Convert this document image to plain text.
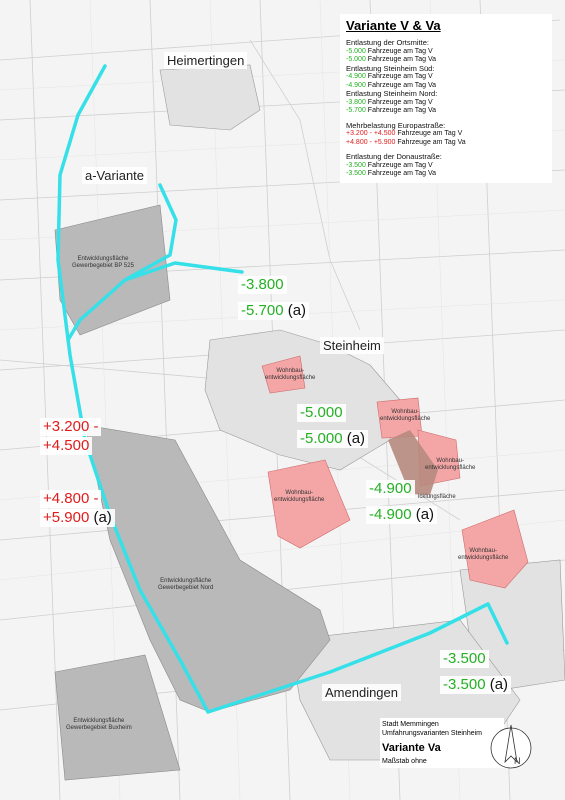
Heimertingen
a-Variante
Steinheim
Amendingen
Entwicklungsfläche
Gewerbegebiet BP 525
Entwicklungsfläche
Gewerbegebiet Nord
Entwicklungsfläche
Gewerbegebiet Buxheim
Wohnbau-
entwicklungsfläche
Wohnbau-
entwicklungsfläche
Wohnbau-
entwicklungsfläche
Wohnbau-
entwicklungsfläche
Wohnbau-
entwicklungsfläche
icklungsfläche
-3.800
-5.700 (a)
-5.000
-5.000 (a)
-4.900
-4.900 (a)
+3.200 -
+4.500
+4.800 -
+5.900 (a)
-3.500
-3.500 (a)
Variante V & Va
Entlastung der Ortsmitte:
-5.000 Fahrzeuge am Tag V
-5.000 Fahrzeuge am Tag Va
Entlastung Steinheim Süd:
-4.900 Fahrzeuge am Tag V
-4.900 Fahrzeuge am Tag Va
Entlastung Steinheim Nord:
-3.800 Fahrzeuge am Tag V
-5.700 Fahrzeuge am Tag Va
Mehrbelastung Europastraße:
+3.200 - +4.500 Fahrzeuge am Tag V
+4.800 - +5.900 Fahrzeuge am Tag Va
Entlastung der Donaustraße:
-3.500 Fahrzeuge am Tag V
-3.500 Fahrzeuge am Tag Va
Stadt Memmingen
Umfahrungsvarianten Steinheim
Variante Va
Maßstab ohne	N
